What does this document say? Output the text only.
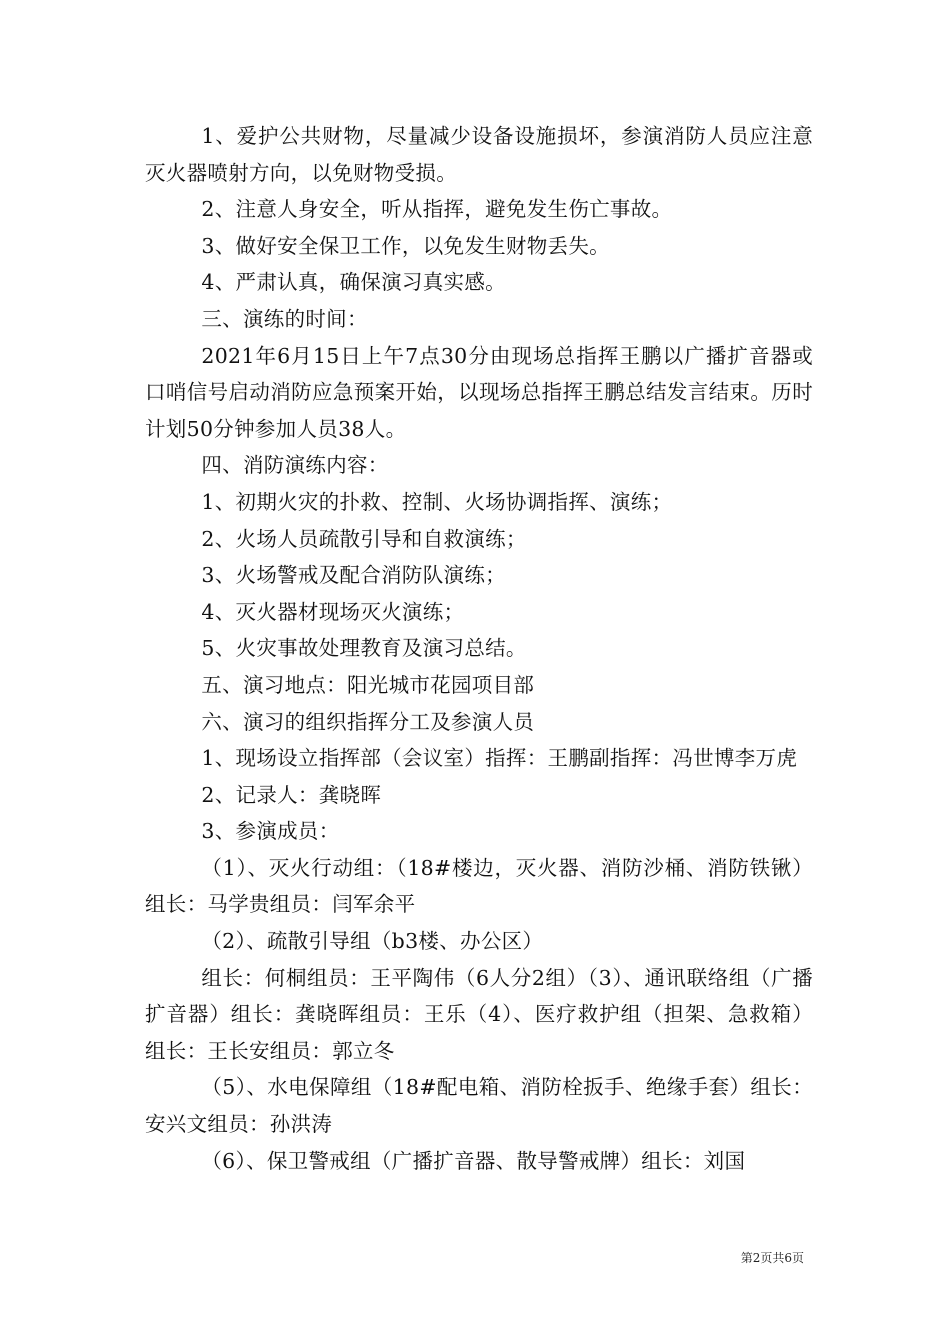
1、爱护公共财物，尽量减少设备设施损坏，参演消防人员应注意灭火器喷射方向，以免财物受损。

2、注意人身安全，听从指挥，避免发生伤亡事故。

3、做好安全保卫工作，以免发生财物丢失。

4、严肃认真，确保演习真实感。

三、演练的时间：

2021年6月15日上午7点30分由现场总指挥王鹏以广播扩音器或口哨信号启动消防应急预案开始，以现场总指挥王鹏总结发言结束。历时计划50分钟参加人员38人。

四、消防演练内容：

1、初期火灾的扑救、控制、火场协调指挥、演练；

2、火场人员疏散引导和自救演练；

3、火场警戒及配合消防队演练；

4、灭火器材现场灭火演练；

5、火灾事故处理教育及演习总结。

五、演习地点：阳光城市花园项目部

六、演习的组织指挥分工及参演人员

1、现场设立指挥部（会议室）指挥：王鹏副指挥：冯世博李万虎

2、记录人：龚晓晖

3、参演成员：

（1）、灭火行动组：（18#楼边，灭火器、消防沙桶、消防铁锹）组长：马学贵组员：闫军余平

（2）、疏散引导组（b3楼、办公区）

组长：何桐组员：王平陶伟（6人分2组）（3）、通讯联络组（广播扩音器）组长：龚晓晖组员：王乐（4）、医疗救护组（担架、急救箱）组长：王长安组员：郭立冬

（5）、水电保障组（18#配电箱、消防栓扳手、绝缘手套）组长：安兴文组员：孙洪涛

（6）、保卫警戒组（广播扩音器、散导警戒牌）组长：刘国

第2页共6页
